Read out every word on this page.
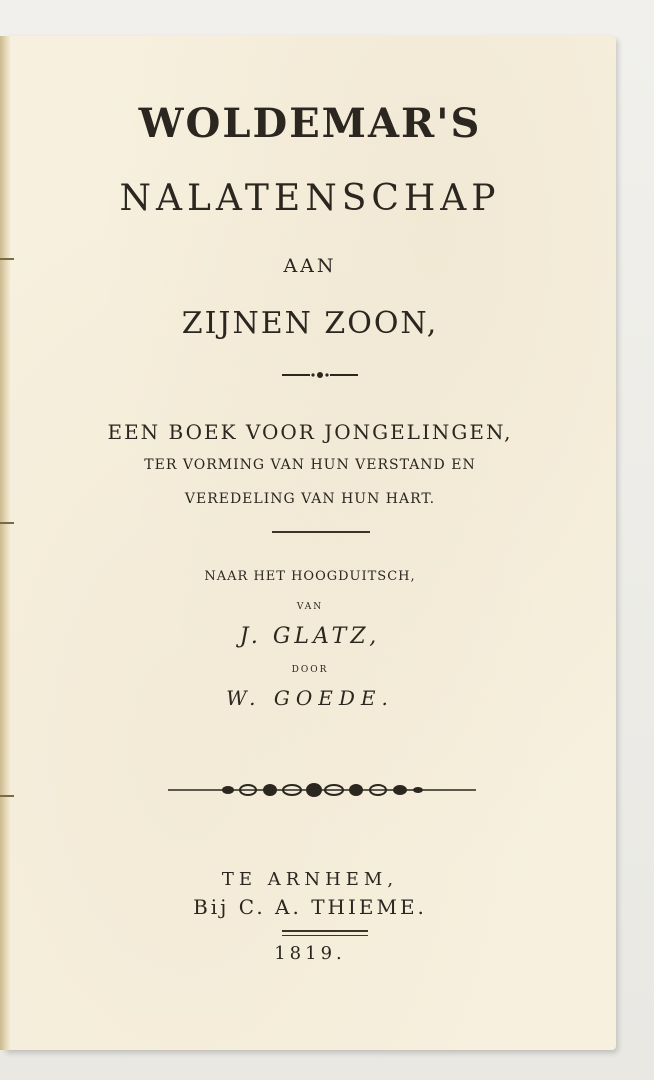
WOLDEMAR'S
NALATENSCHAP
AAN
ZIJNEN ZOON,
EEN BOEK VOOR JONGELINGEN,
TER VORMING VAN HUN VERSTAND EN
VEREDELING VAN HUN HART.
NAAR HET HOOGDUITSCH,
VAN
J. GLATZ,
DOOR
W. GOEDE.
TE ARNHEM,
Bij C. A. THIEME.
1819.
